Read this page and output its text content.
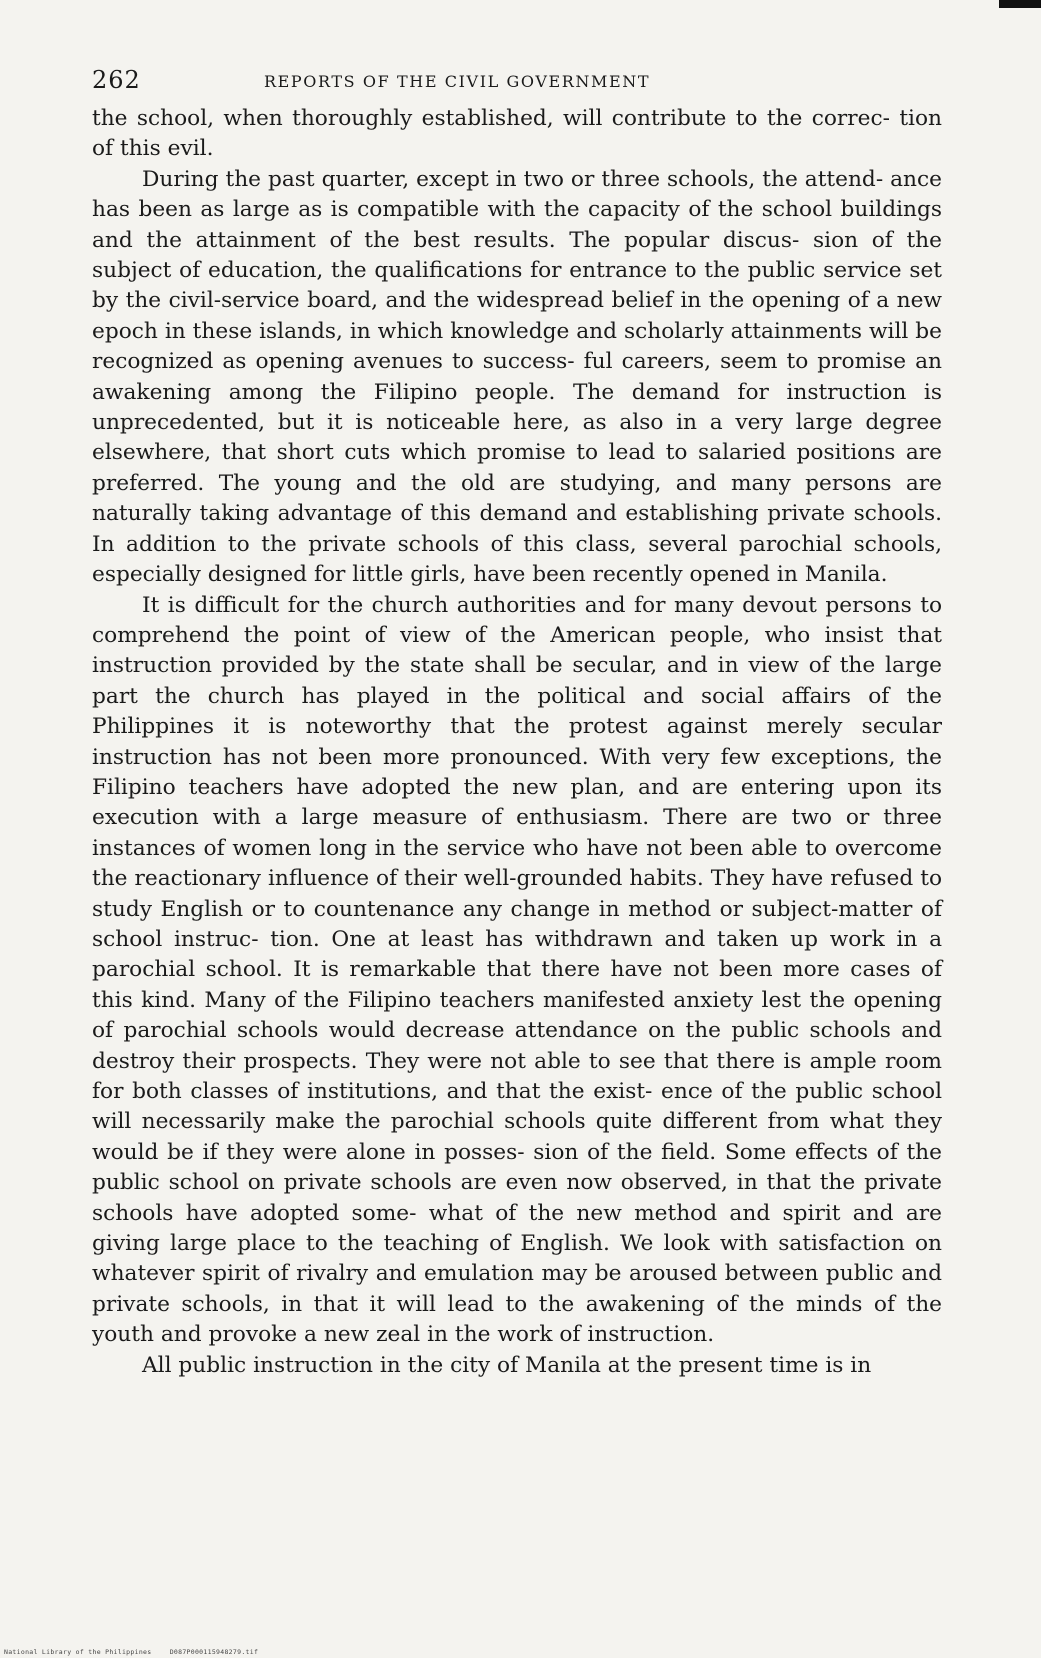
262	REPORTS OF THE CIVIL GOVERNMENT

the school, when thoroughly established, will contribute to the correc- tion of this evil.

During the past quarter, except in two or three schools, the attend- ance has been as large as is compatible with the capacity of the school buildings and the attainment of the best results. The popular discus- sion of the subject of education, the qualifications for entrance to the public service set by the civil-service board, and the widespread belief in the opening of a new epoch in these islands, in which knowledge and scholarly attainments will be recognized as opening avenues to success- ful careers, seem to promise an awakening among the Filipino people. The demand for instruction is unprecedented, but it is noticeable here, as also in a very large degree elsewhere, that short cuts which promise to lead to salaried positions are preferred. The young and the old are studying, and many persons are naturally taking advantage of this demand and establishing private schools. In addition to the private schools of this class, several parochial schools, especially designed for little girls, have been recently opened in Manila.

It is difficult for the church authorities and for many devout persons to comprehend the point of view of the American people, who insist that instruction provided by the state shall be secular, and in view of the large part the church has played in the political and social affairs of the Philippines it is noteworthy that the protest against merely secular instruction has not been more pronounced. With very few exceptions, the Filipino teachers have adopted the new plan, and are entering upon its execution with a large measure of enthusiasm. There are two or three instances of women long in the service who have not been able to overcome the reactionary influence of their well-grounded habits. They have refused to study English or to countenance any change in method or subject-matter of school instruc- tion. One at least has withdrawn and taken up work in a parochial school. It is remarkable that there have not been more cases of this kind. Many of the Filipino teachers manifested anxiety lest the opening of parochial schools would decrease attendance on the public schools and destroy their prospects. They were not able to see that there is ample room for both classes of institutions, and that the exist- ence of the public school will necessarily make the parochial schools quite different from what they would be if they were alone in posses- sion of the field. Some effects of the public school on private schools are even now observed, in that the private schools have adopted some- what of the new method and spirit and are giving large place to the teaching of English. We look with satisfaction on whatever spirit of rivalry and emulation may be aroused between public and private schools, in that it will lead to the awakening of the minds of the youth and provoke a new zeal in the work of instruction.

All public instruction in the city of Manila at the present time is in

National Library of the Philippines	D087P000115948279.tif
